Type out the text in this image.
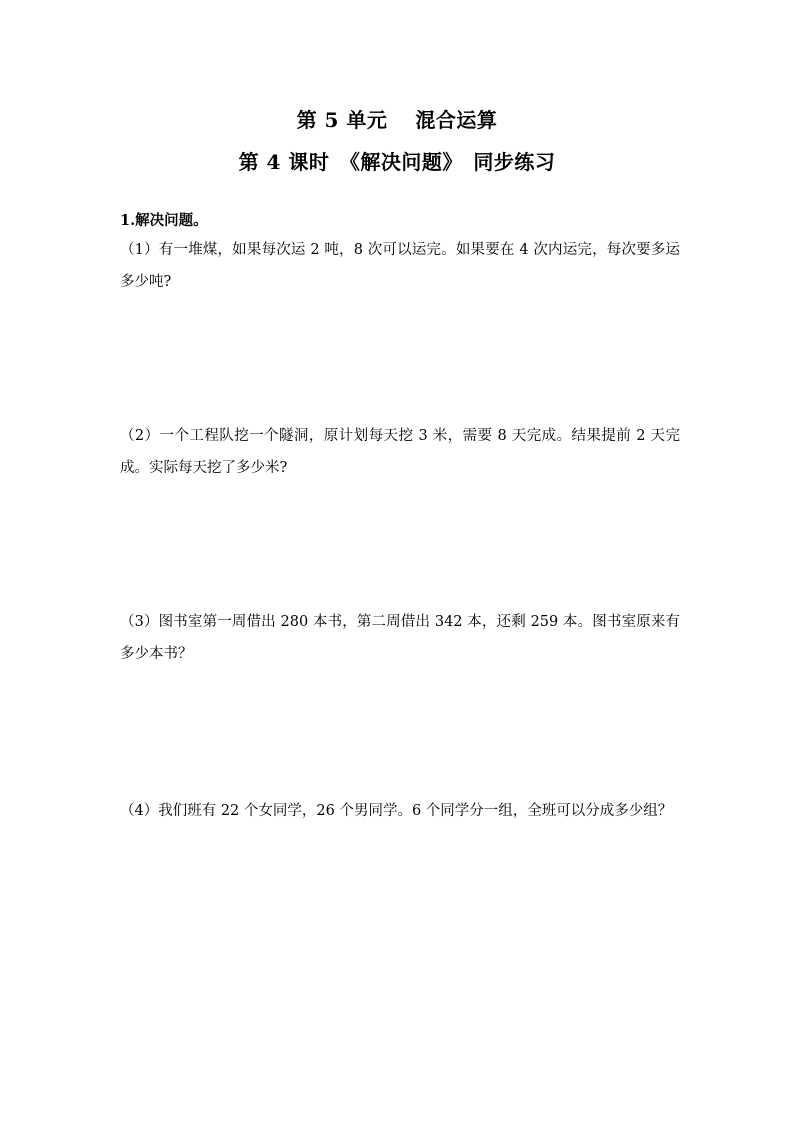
第 5 单元　 混合运算
第 4 课时　《解决问题》　同步练习
1.解决问题。
（1）有一堆煤，如果每次运 2 吨，8 次可以运完。如果要在 4 次内运完，每次要多运多少吨?
（2）一个工程队挖一个隧洞，原计划每天挖 3 米，需要 8 天完成。结果提前 2 天完成。实际每天挖了多少米?
（3）图书室第一周借出 280 本书，第二周借出 342 本，还剩 259 本。图书室原来有多少本书？
（4）我们班有 22 个女同学，26 个男同学。6 个同学分一组，全班可以分成多少组？
